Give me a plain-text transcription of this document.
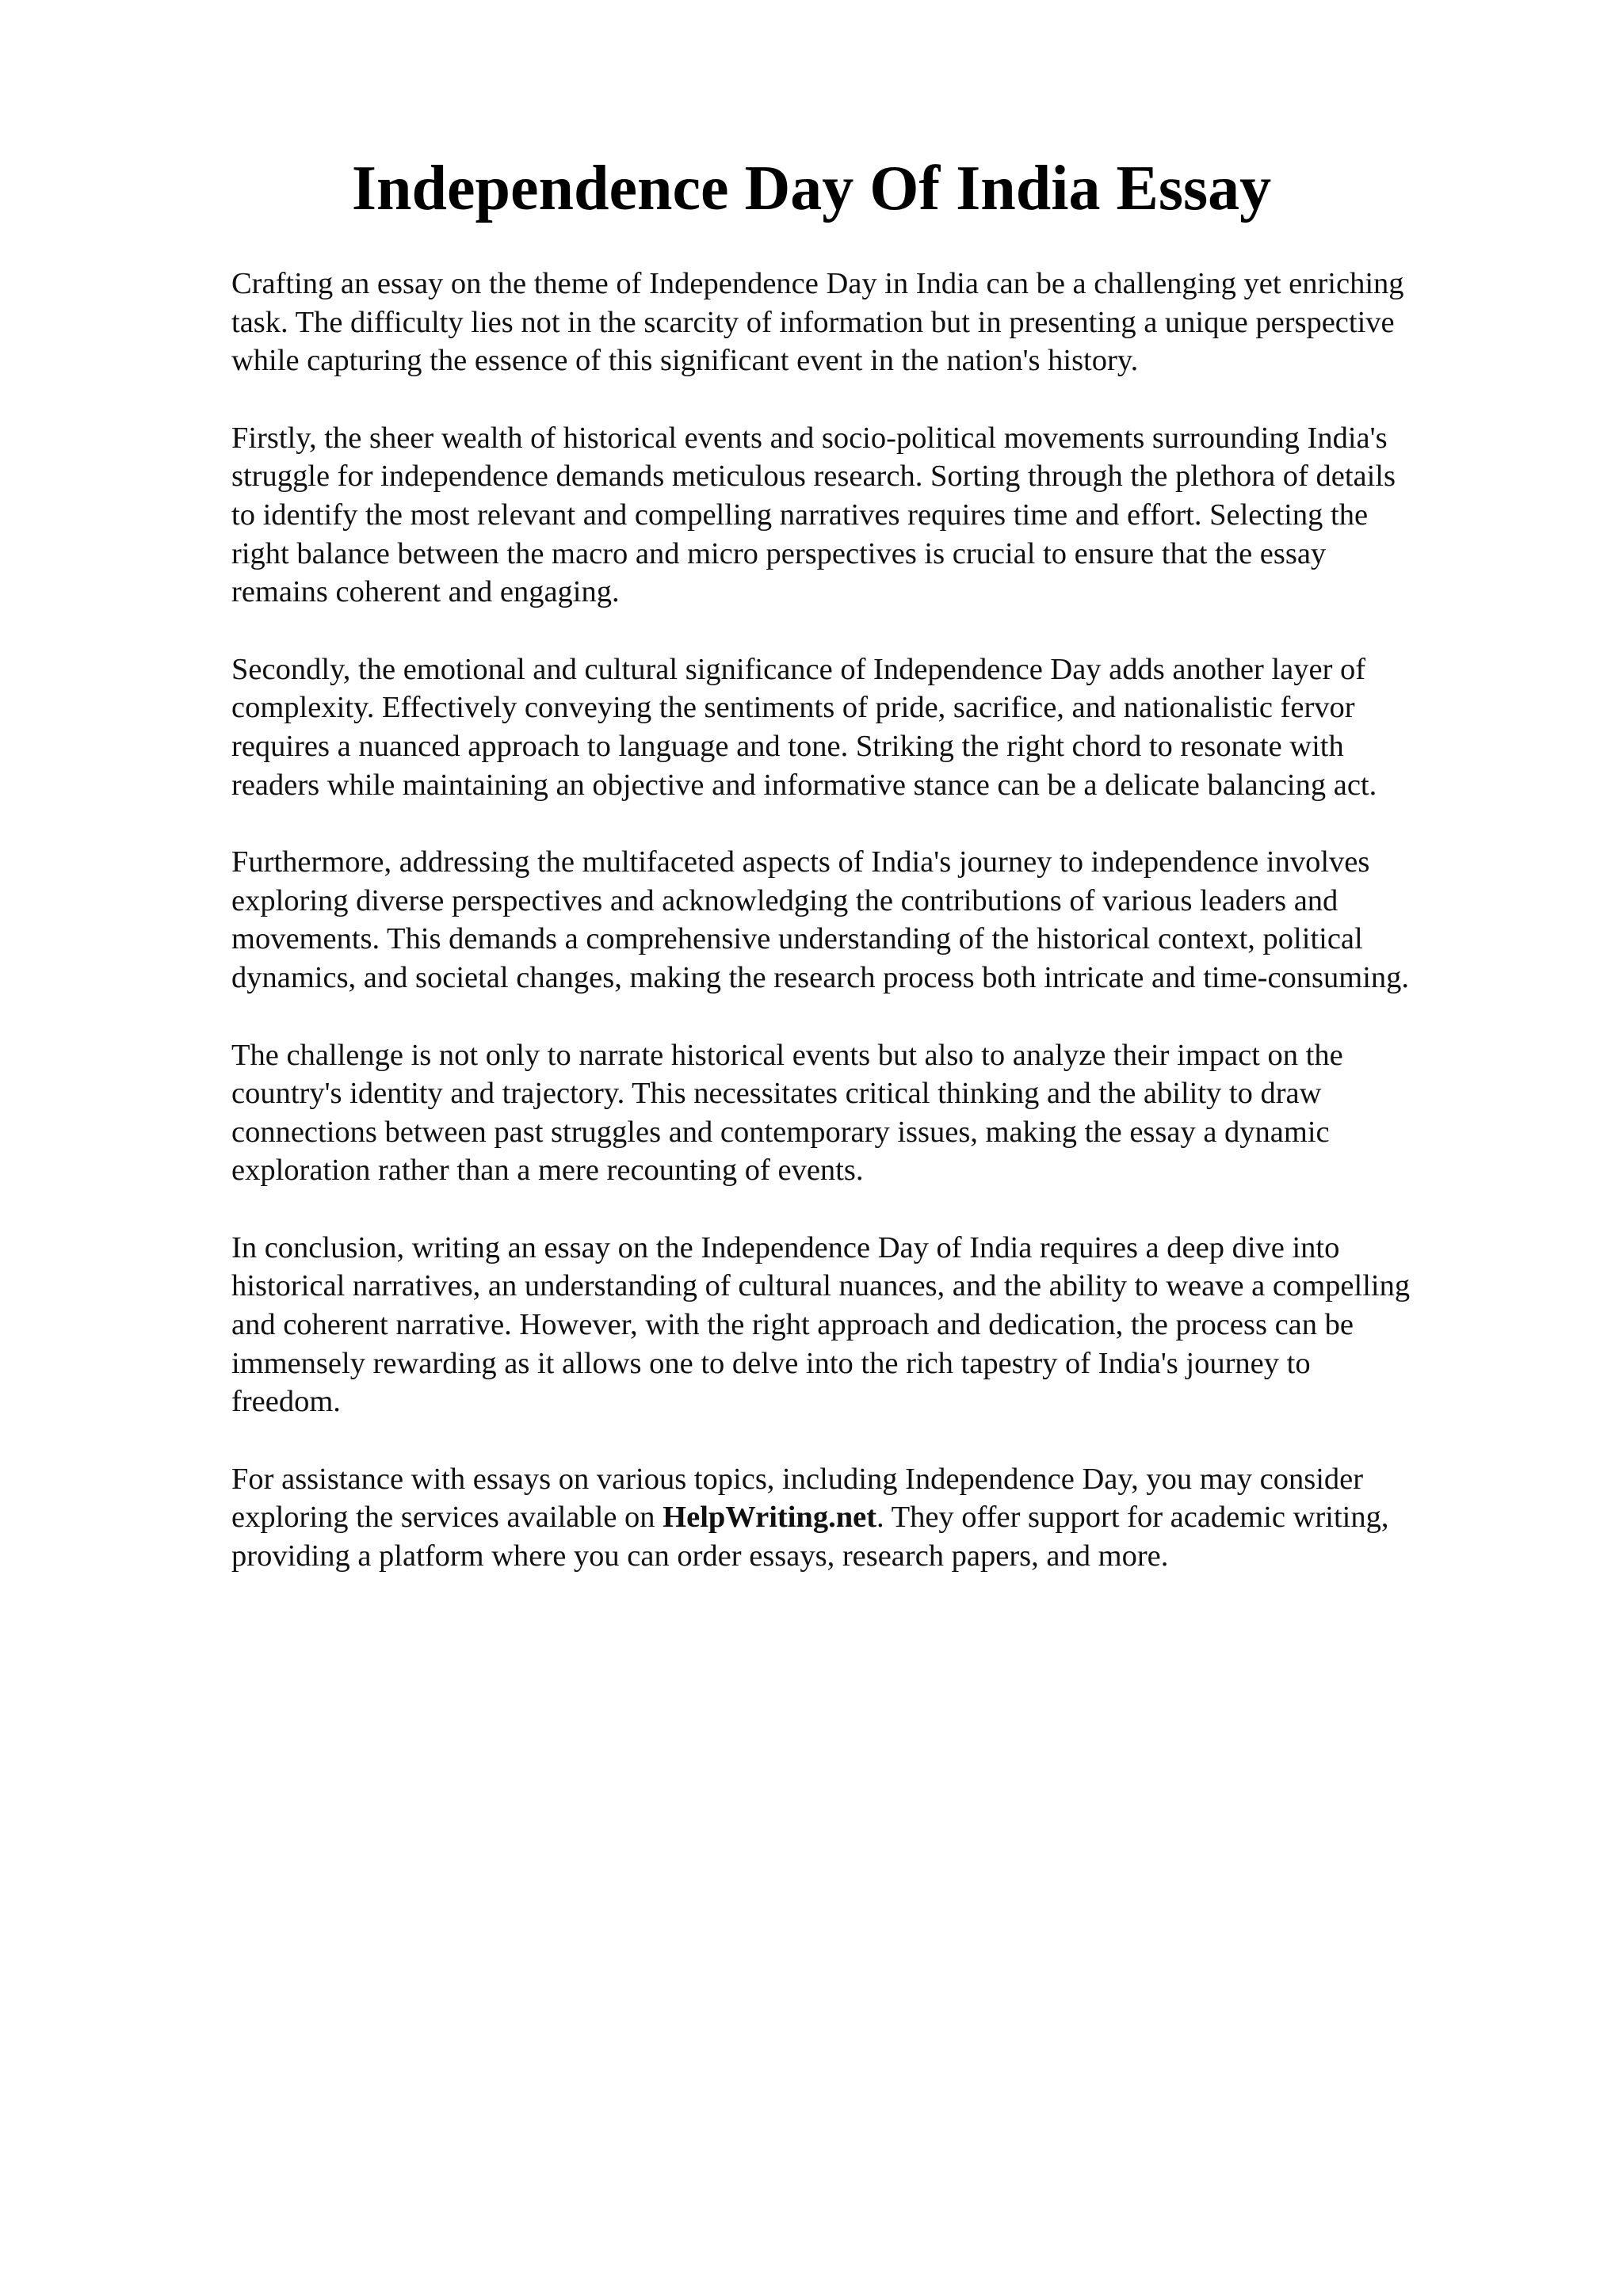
Independence Day Of India Essay

Crafting an essay on the theme of Independence Day in India can be a challenging yet enriching
task. The difficulty lies not in the scarcity of information but in presenting a unique perspective
while capturing the essence of this significant event in the nation's history.

Firstly, the sheer wealth of historical events and socio-political movements surrounding India's
struggle for independence demands meticulous research. Sorting through the plethora of details
to identify the most relevant and compelling narratives requires time and effort. Selecting the
right balance between the macro and micro perspectives is crucial to ensure that the essay
remains coherent and engaging.

Secondly, the emotional and cultural significance of Independence Day adds another layer of
complexity. Effectively conveying the sentiments of pride, sacrifice, and nationalistic fervor
requires a nuanced approach to language and tone. Striking the right chord to resonate with
readers while maintaining an objective and informative stance can be a delicate balancing act.

Furthermore, addressing the multifaceted aspects of India's journey to independence involves
exploring diverse perspectives and acknowledging the contributions of various leaders and
movements. This demands a comprehensive understanding of the historical context, political
dynamics, and societal changes, making the research process both intricate and time-consuming.

The challenge is not only to narrate historical events but also to analyze their impact on the
country's identity and trajectory. This necessitates critical thinking and the ability to draw
connections between past struggles and contemporary issues, making the essay a dynamic
exploration rather than a mere recounting of events.

In conclusion, writing an essay on the Independence Day of India requires a deep dive into
historical narratives, an understanding of cultural nuances, and the ability to weave a compelling
and coherent narrative. However, with the right approach and dedication, the process can be
immensely rewarding as it allows one to delve into the rich tapestry of India's journey to
freedom.

For assistance with essays on various topics, including Independence Day, you may consider
exploring the services available on HelpWriting.net. They offer support for academic writing,
providing a platform where you can order essays, research papers, and more.
